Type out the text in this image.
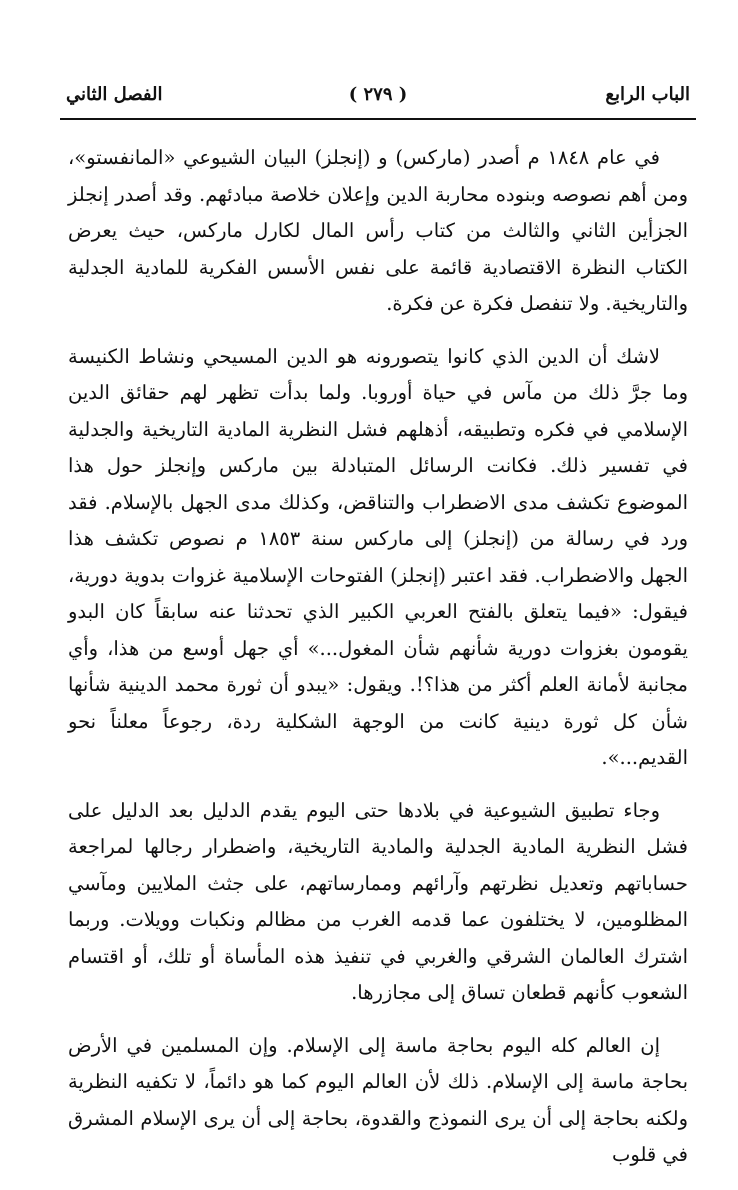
الباب الرابع
( ٢٧٩ )
الفصل الثاني

في عام ١٨٤٨ م أصدر (ماركس) و (إنجلز) البيان الشيوعي «المانفستو»، ومن أهم نصوصه وبنوده محاربة الدين وإعلان خلاصة مبادئهم. وقد أصدر إنجلز الجزأين الثاني والثالث من كتاب رأس المال لكارل ماركس، حيث يعرض الكتاب النظرة الاقتصادية قائمة على نفس الأسس الفكرية للمادية الجدلية والتاريخية. ولا تنفصل فكرة عن فكرة.

لاشك أن الدين الذي كانوا يتصورونه هو الدين المسيحي ونشاط الكنيسة وما جرَّ ذلك من مآس في حياة أوروبا. ولما بدأت تظهر لهم حقائق الدين الإسلامي في فكره وتطبيقه، أذهلهم فشل النظرية المادية التاريخية والجدلية في تفسير ذلك. فكانت الرسائل المتبادلة بين ماركس وإنجلز حول هذا الموضوع تكشف مدى الاضطراب والتناقض، وكذلك مدى الجهل بالإسلام. فقد ورد في رسالة من (إنجلز) إلى ماركس سنة ١٨٥٣ م نصوص تكشف هذا الجهل والاضطراب. فقد اعتبر (إنجلز) الفتوحات الإسلامية غزوات بدوية دورية، فيقول: «فيما يتعلق بالفتح العربي الكبير الذي تحدثنا عنه سابقاً كان البدو يقومون بغزوات دورية شأنهم شأن المغول...» أي جهل أوسع من هذا، وأي مجانبة لأمانة العلم أكثر من هذا؟!. ويقول: «يبدو أن ثورة محمد الدينية شأنها شأن كل ثورة دينية كانت من الوجهة الشكلية ردة، رجوعاً معلناً نحو القديم...».

وجاء تطبيق الشيوعية في بلادها حتى اليوم يقدم الدليل بعد الدليل على فشل النظرية المادية الجدلية والمادية التاريخية، واضطرار رجالها لمراجعة حساباتهم وتعديل نظرتهم وآرائهم وممارساتهم، على جثث الملايين ومآسي المظلومين، لا يختلفون عما قدمه الغرب من مظالم ونكبات وويلات. وربما اشترك العالمان الشرقي والغربي في تنفيذ هذه المأساة أو تلك، أو اقتسام الشعوب كأنهم قطعان تساق إلى مجازرها.

إن العالم كله اليوم بحاجة ماسة إلى الإسلام. وإن المسلمين في الأرض بحاجة ماسة إلى الإسلام. ذلك لأن العالم اليوم كما هو دائماً، لا تكفيه النظرية ولكنه بحاجة إلى أن يرى النموذج والقدوة، بحاجة إلى أن يرى الإسلام المشرق في قلوب
